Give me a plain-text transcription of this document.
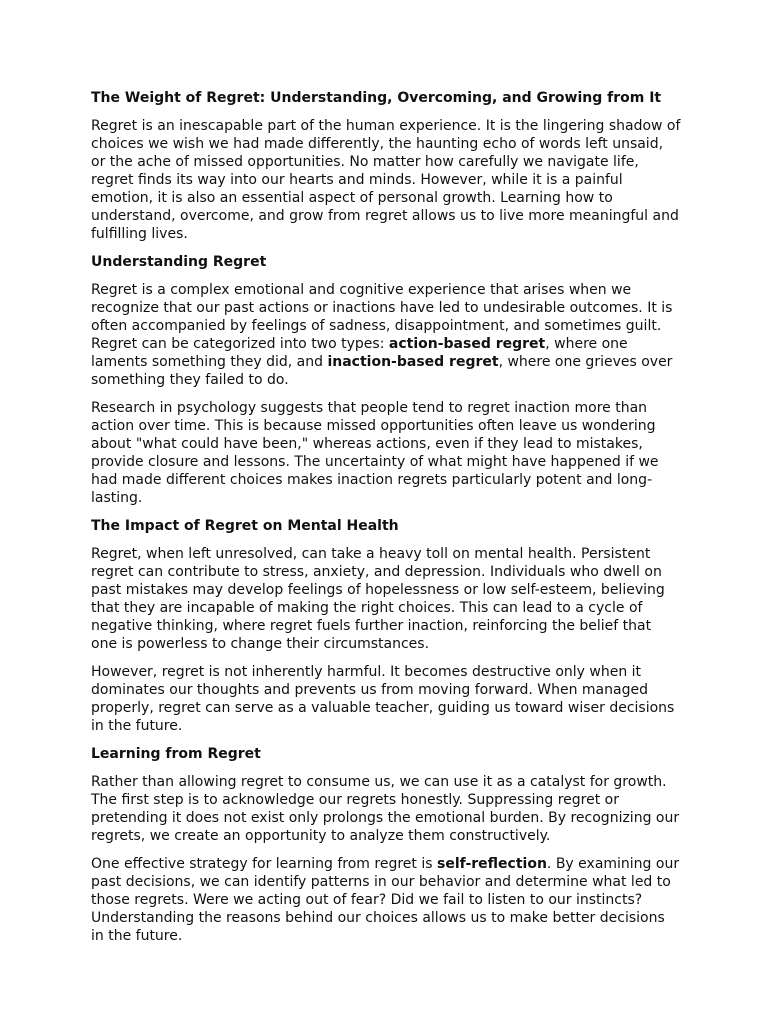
The Weight of Regret: Understanding, Overcoming, and Growing from It

Regret is an inescapable part of the human experience. It is the lingering shadow of choices we wish we had made differently, the haunting echo of words left unsaid, or the ache of missed opportunities. No matter how carefully we navigate life, regret finds its way into our hearts and minds. However, while it is a painful emotion, it is also an essential aspect of personal growth. Learning how to understand, overcome, and grow from regret allows us to live more meaningful and fulfilling lives.

Understanding Regret

Regret is a complex emotional and cognitive experience that arises when we recognize that our past actions or inactions have led to undesirable outcomes. It is often accompanied by feelings of sadness, disappointment, and sometimes guilt. Regret can be categorized into two types: action-based regret, where one laments something they did, and inaction-based regret, where one grieves over something they failed to do.

Research in psychology suggests that people tend to regret inaction more than action over time. This is because missed opportunities often leave us wondering about "what could have been," whereas actions, even if they lead to mistakes, provide closure and lessons. The uncertainty of what might have happened if we had made different choices makes inaction regrets particularly potent and long-lasting.

The Impact of Regret on Mental Health

Regret, when left unresolved, can take a heavy toll on mental health. Persistent regret can contribute to stress, anxiety, and depression. Individuals who dwell on past mistakes may develop feelings of hopelessness or low self-esteem, believing that they are incapable of making the right choices. This can lead to a cycle of negative thinking, where regret fuels further inaction, reinforcing the belief that one is powerless to change their circumstances.

However, regret is not inherently harmful. It becomes destructive only when it dominates our thoughts and prevents us from moving forward. When managed properly, regret can serve as a valuable teacher, guiding us toward wiser decisions in the future.

Learning from Regret

Rather than allowing regret to consume us, we can use it as a catalyst for growth. The first step is to acknowledge our regrets honestly. Suppressing regret or pretending it does not exist only prolongs the emotional burden. By recognizing our regrets, we create an opportunity to analyze them constructively.

One effective strategy for learning from regret is self-reflection. By examining our past decisions, we can identify patterns in our behavior and determine what led to those regrets. Were we acting out of fear? Did we fail to listen to our instincts? Understanding the reasons behind our choices allows us to make better decisions in the future.
